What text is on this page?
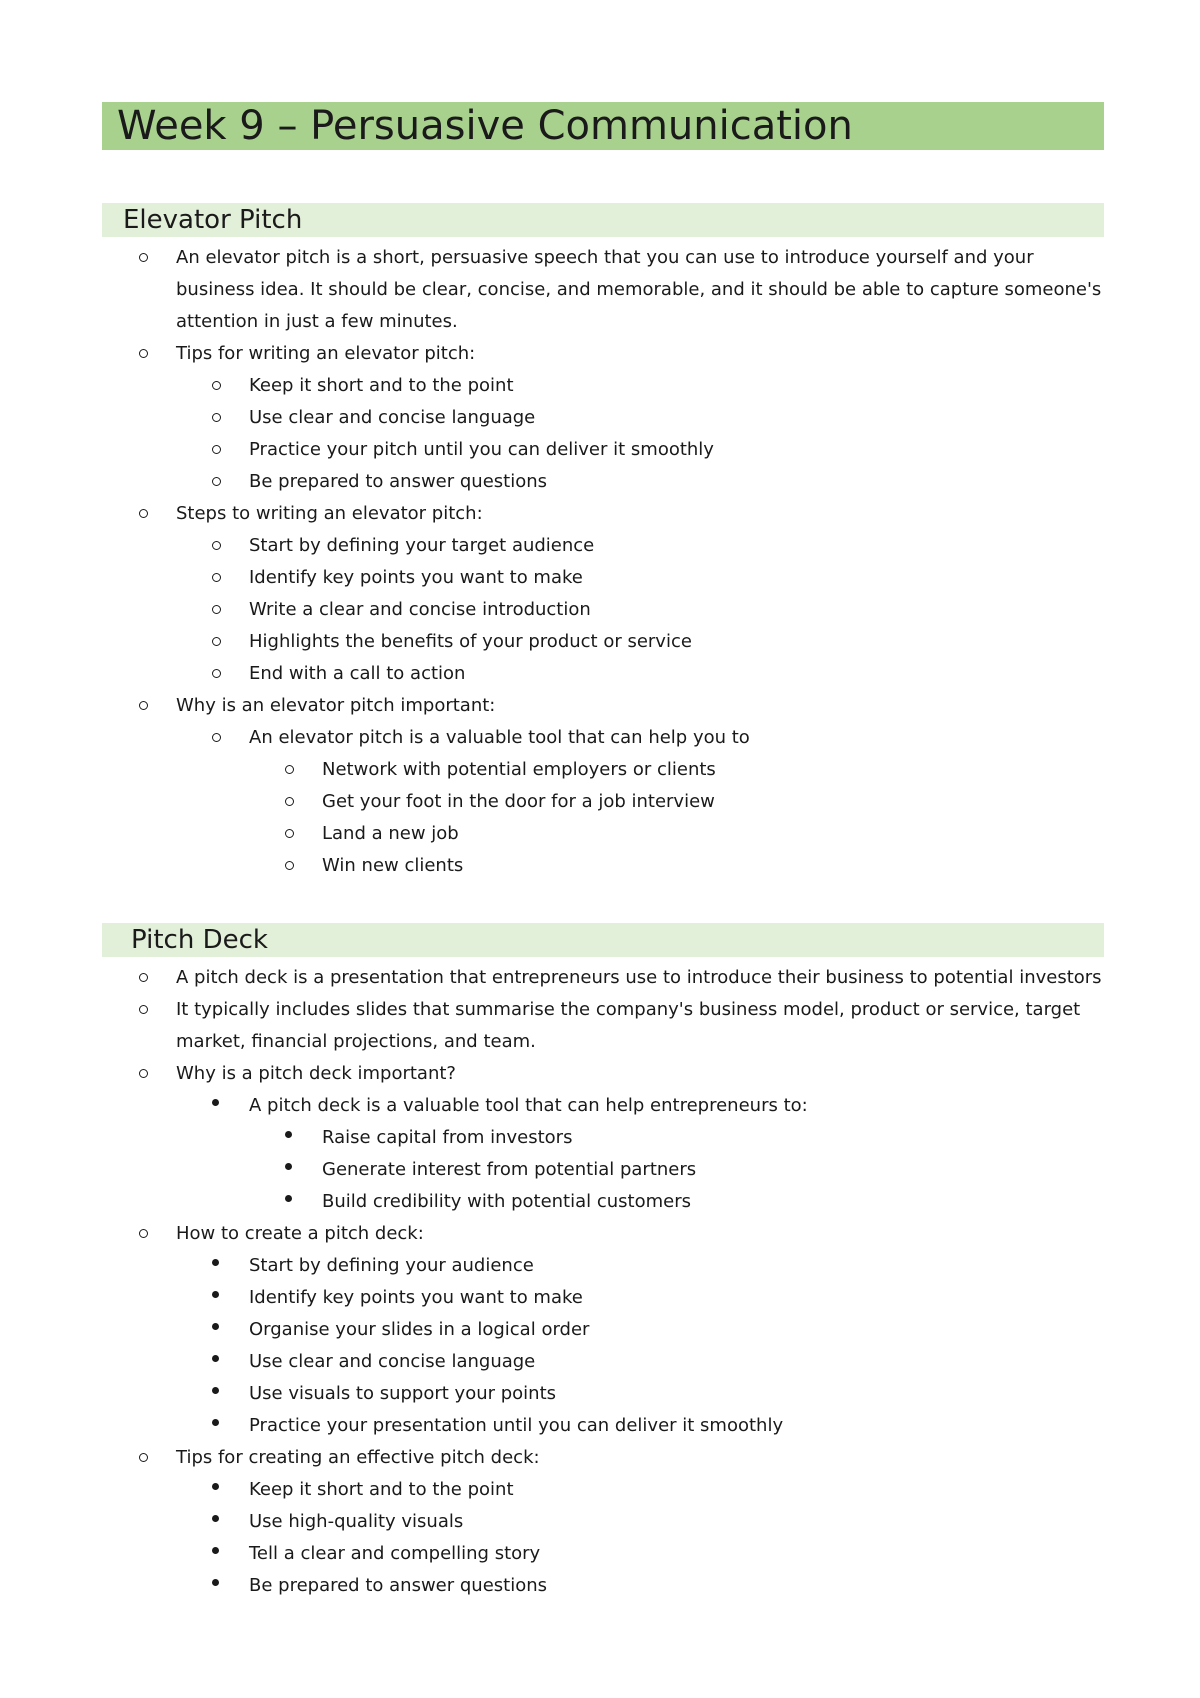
Week 9 – Persuasive Communication
Elevator Pitch
An elevator pitch is a short, persuasive speech that you can use to introduce yourself and your
business idea. It should be clear, concise, and memorable, and it should be able to capture someone's
attention in just a few minutes.
Tips for writing an elevator pitch:
Keep it short and to the point
Use clear and concise language
Practice your pitch until you can deliver it smoothly
Be prepared to answer questions
Steps to writing an elevator pitch:
Start by defining your target audience
Identify key points you want to make
Write a clear and concise introduction
Highlights the benefits of your product or service
End with a call to action
Why is an elevator pitch important:
An elevator pitch is a valuable tool that can help you to
Network with potential employers or clients
Get your foot in the door for a job interview
Land a new job
Win new clients
Pitch Deck
A pitch deck is a presentation that entrepreneurs use to introduce their business to potential investors
It typically includes slides that summarise the company's business model, product or service, target
market, financial projections, and team.
Why is a pitch deck important?
A pitch deck is a valuable tool that can help entrepreneurs to:
Raise capital from investors
Generate interest from potential partners
Build credibility with potential customers
How to create a pitch deck:
Start by defining your audience
Identify key points you want to make
Organise your slides in a logical order
Use clear and concise language
Use visuals to support your points
Practice your presentation until you can deliver it smoothly
Tips for creating an effective pitch deck:
Keep it short and to the point
Use high-quality visuals
Tell a clear and compelling story
Be prepared to answer questions
